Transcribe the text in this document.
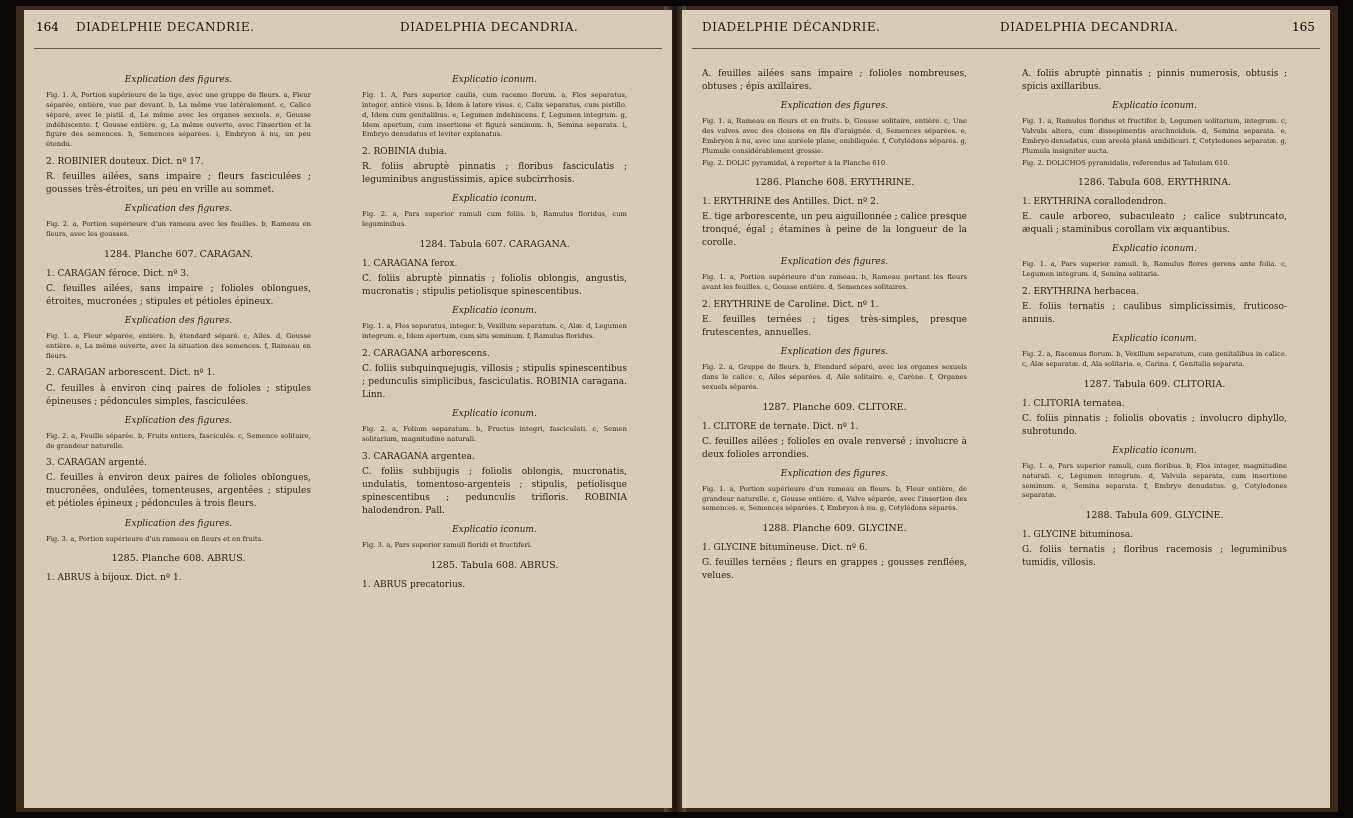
164 DIADELPHIE DECANDRIE.	DIADELPHIA DECANDRIA.
Explication des figures.
Fig. 1. A, Portion supérieure de la tige, avec une grappe de fleurs. a, Fleur séparée, entière, vue par devant. b, La même vue latéralement. c, Calice séparé, avec le pistil. d, Le même avec les organes sexuels. e, Gousse indéhiscente. f, Gousse entière. g, La même ouverte, avec l'insertion et la figure des semences. h, Semences séparées. i, Embryon à nu, un peu étendu.
2. ROBINIER douteux. Dict. nº 17.
R. feuilles ailées, sans impaire ; fleurs fasciculées ; gousses très-étroites, un peu en vrille au sommet.
Explication des figures.
Fig. 2. a, Portion supérieure d'un rameau avec les feuilles. b, Rameau en fleurs, avec les gousses.
1284. Planche 607. CARAGAN.
1. CARAGAN féroce. Dict. nº 3.
C. feuilles ailées, sans impaire ; folioles oblongues, étroites, mucronées ; stipules et pétioles épineux.
Explication des figures.
Fig. 1. a, Fleur séparée, entière. b, étendard séparé. c, Ailes. d, Gousse entière. e, La même ouverte, avec la situation des semences. f, Rameau en fleurs.
2. CARAGAN arborescent. Dict. nº 1.
C. feuilles à environ cinq paires de folioles ; stipules épineuses ; pédoncules simples, fasciculées.
Explication des figures.
Fig. 2. a, Feuille séparée. b, Fruits entiers, fasciculés. c, Semence solitaire, de grandeur naturelle.
3. CARAGAN argenté.
C. feuilles à environ deux paires de folioles oblongues, mucronées, ondulées, tomenteuses, argentées ; stipules et pétioles épineux ; pédoncules à trois fleurs.
Explication des figures.
Fig. 3. a, Portion supérieure d'un rameau en fleurs et en fruits.
1285. Planche 608. ABRUS.
1. ABRUS à bijoux. Dict. nº 1.
Explicatio iconum.
Fig. 1. A, Pars superior caulis, cum racemo florum. a, Flos separatus, integer, anticè visus. b, Idem à latere visus. c, Calix separatus, cum pistillo. d, Idem cum genitalibus. e, Legumen indehiscens. f, Legumen integrum. g, Idem apertum, cum insertione et figurâ seminum. h, Semina separata. i, Embryo denudatus et leviter explanatus.
2. ROBINIA dubia.
R. foliis abruptè pinnatis ; floribus fasciculatis ; leguminibus angustissimis, apice subcirrhosis.
Explicatio iconum.
Fig. 2. a, Pars superior ramuli cum foliis. b, Ramulus floridus, cum leguminibus.
1284. Tabula 607. CARAGANA.
1. CARAGANA ferox.
C. foliis abruptè pinnatis ; foliolis oblongis, angustis, mucronatis ; stipulis petiolisque spinescentibus.
Explicatio iconum.
Fig. 1. a, Flos separatus, integer. b, Vexillum separatum. c, Alæ. d, Legumen integrum. e, Idem apertum, cum situ seminum. f, Ramulus floridus.
2. CARAGANA arborescens.
C. foliis subquinquejugis, villosis ; stipulis spinescentibus ; pedunculis simplicibus, fasciculatis. ROBINIA caragana. Linn.
Explicatio iconum.
Fig. 2. a, Folium separatum. b, Fructus integri, fasciculati. c, Semen solitarium, magnitudine naturali.
3. CARAGANA argentea.
C. foliis subbijugis ; foliolis oblongis, mucronatis, undulatis, tomentoso-argenteis ; stipulis, petiolisque spinescentibus ; pedunculis trifloris. ROBINIA halodendron. Pall.
Explicatio iconum.
Fig. 3. a, Pars superior ramuli floridi et fructiferi.
1285. Tabula 608. ABRUS.
1. ABRUS precatorius.
DIADELPHIE DÉCANDRIE.	DIADELPHIA DECANDRIA.	165
A. feuilles ailées sans impaire ; folioles nombreuses, obtuses ; épis axillaires.
Explication des figures.
Fig. 1. a, Rameau en fleurs et en fruits. b, Gousse solitaire, entière. c, Une des valves avec des cloisons en fils d'araignée. d, Semences séparées. e, Embryon à nu, avec une auréole plane, ombiliquée. f, Cotylédons séparés. g, Plumule considérablement grossie.
Fig. 2. DOLIC pyramidal, à reporter à la Planche 610.
1286. Planche 608. ERYTHRINE.
1. ERYTHRINE des Antilles. Dict. nº 2.
E. tige arborescente, un peu aiguillonnée ; calice presque tronqué, égal ; étamines à peine de la longueur de la corolle.
Explication des figures.
Fig. 1. a, Portion supérieure d'un rameau. b, Rameau portant les fleurs avant les feuilles. c, Gousse entière. d, Semences solitaires.
2. ERYTHRINE de Caroline. Dict. nº 1.
E. feuilles ternées ; tiges très-simples, presque frutescentes, annuelles.
Explication des figures.
Fig. 2. a, Grappe de fleurs. b, Etendard séparé, avec les organes sexuels dans le calice. c, Ailes séparées. d, Aile solitaire. e, Carène. f, Organes sexuels séparés.
1287. Planche 609. CLITORE.
1. CLITORE de ternate. Dict. nº 1.
C. feuilles ailées ; folioles en ovale renversé ; involucre à deux folioles arrondies.
Explication des figures.
Fig. 1. a, Portion supérieure d'un rameau en fleurs. b, Fleur entière, de grandeur naturelle. c, Gousse entière. d, Valve séparée, avec l'insertion des semences. e, Semences séparées. f, Embryon à nu. g, Cotylédons séparés.
1288. Planche 609. GLYCINE.
1. GLYCINE bitumineuse. Dict. nº 6.
G. feuilles ternées ; fleurs en grappes ; gousses renflées, velues.
A. foliis abruptè pinnatis ; pinnis numerosis, obtusis ; spicis axillaribus.
Explicatio iconum.
Fig. 1. a, Ramulus floridus et fructifer. b, Legumen solitarium, integrum. c, Valvula altera, cum dissepimentis arachnoideis. d, Semina separata. e, Embryo denudatus, cum areolâ planâ umbilicari. f, Cotyledones separatæ. g, Plumula insigniter aucta.
Fig. 2. DOLICHOS pyramidalis, referendus ad Tabulam 610.
1286. Tabula 608. ERYTHRINA.
1. ERYTHRINA corallodendron.
E. caule arboreo, subaculeato ; calice subtruncato, æquali ; staminibus corollam vix æquantibus.
Explicatio iconum.
Fig. 1. a, Pars superior ramuli. b, Ramulus flores gerens ante folia. c, Legumen integrum. d, Semina solitaria.
2. ERYTHRINA herbacea.
E. foliis ternatis ; caulibus simplicissimis, fruticoso-annuis.
Explicatio iconum.
Fig. 2. a, Racemus florum. b, Vexillum separatum, cum genitalibus in calice. c, Alæ separatæ. d, Ala solitaria. e, Carina. f, Genitalia separata.
1287. Tabula 609. CLITORIA.
1. CLITORIA ternatea.
C. foliis pinnatis ; foliolis obovatis ; involucro diphyllo, subrotundo.
Explicatio iconum.
Fig. 1. a, Pars superior ramuli, cum floribus. b, Flos integer, magnitudine naturali. c, Legumen integrum. d, Valvula separata, cum insertione seminum. e, Semina separata. f, Embryo denudatus. g, Cotyledones separatæ.
1288. Tabula 609. GLYCINE.
1. GLYCINE bituminosa.
G. foliis ternatis ; floribus racemosis ; leguminibus tumidis, villosis.
